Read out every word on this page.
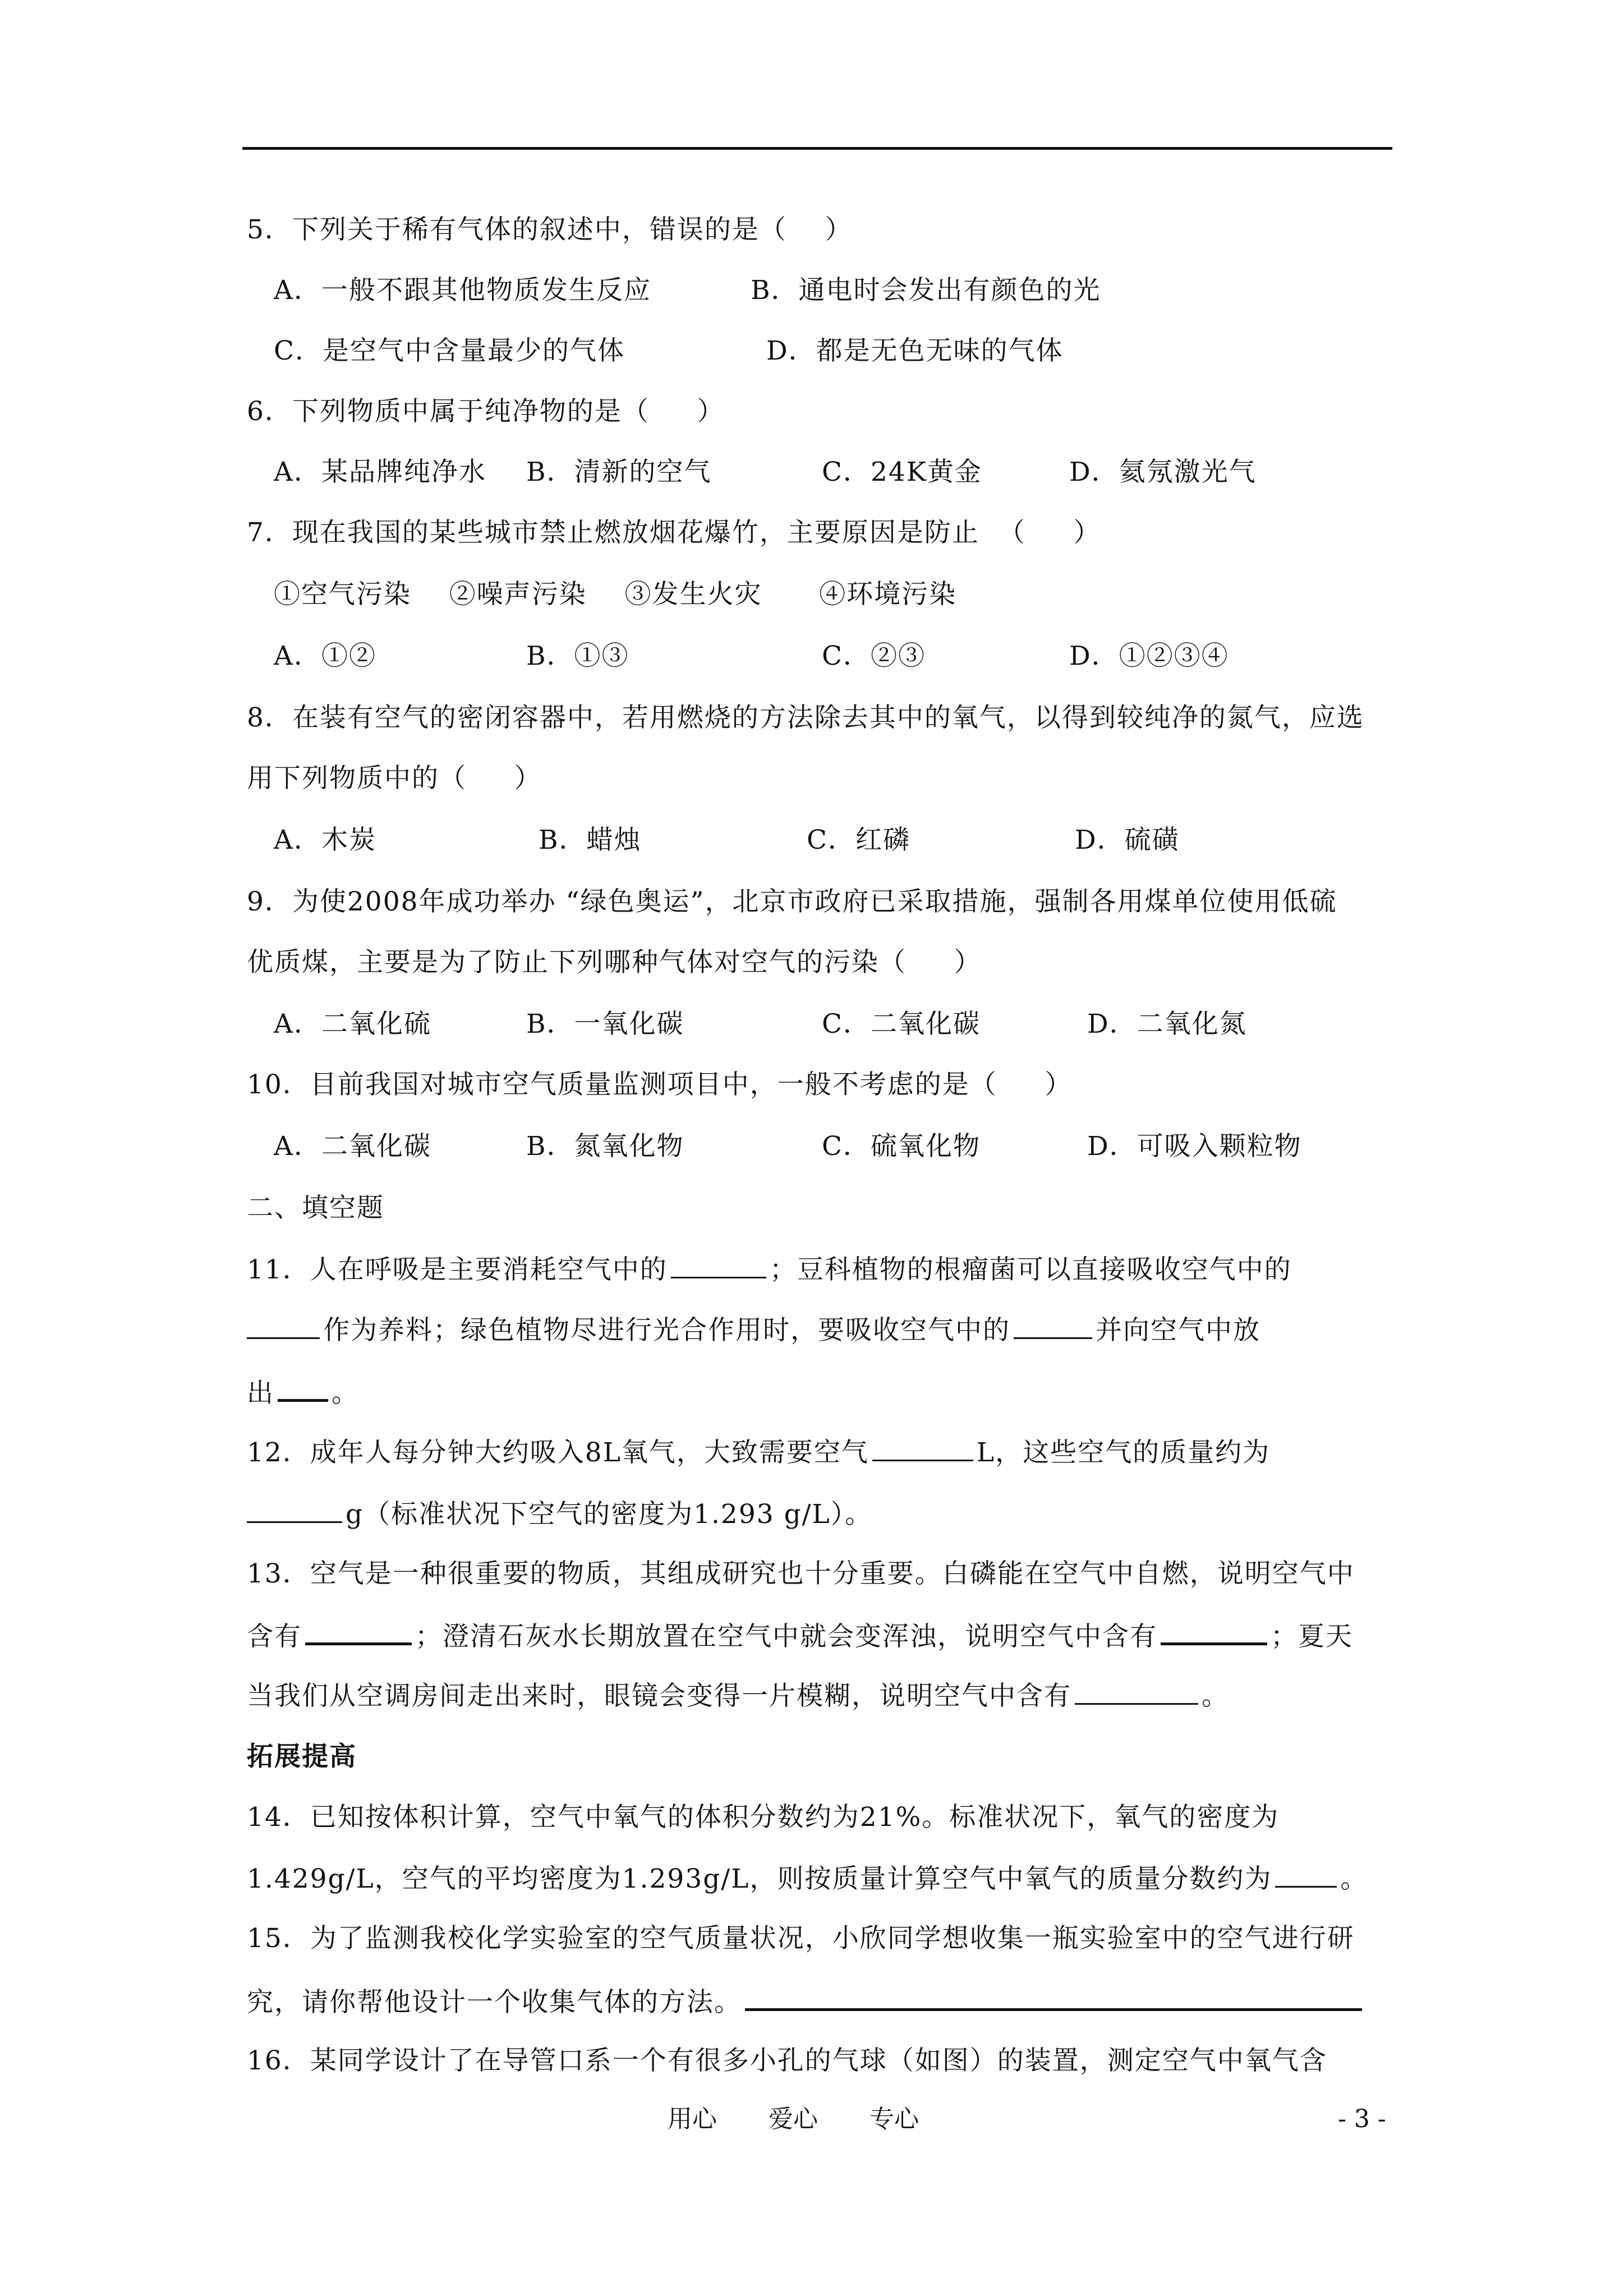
5．下列关于稀有气体的叙述中，错误的是（    ）

A．一般不跟其他物质发生反应

	B．通电时会发出有颜色的光

C．是空气中含量最少的气体

	D．都是无色无味的气体

6．下列物质中属于纯净物的是（     ）

A．某品牌纯净水

B．清新的空气

	C．24K黄金

	D．氦氖激光气

7．现在我国的某些城市禁止燃放烟花爆竹，主要原因是防止  （     ）
①空气污染    ②噪声污染    ③发生火灾      ④环境污染

A．①②

	B．①③

	C．②③

	D．①②③④

8．在装有空气的密闭容器中，若用燃烧的方法除去其中的氧气，以得到较纯净的氮气，应选
用下列物质中的（     ）

A．木炭

	B．蜡烛

	C．红磷

	D．硫磺

9．为使2008年成功举办 “绿色奥运”，北京市政府已采取措施，强制各用煤单位使用低硫
优质煤，主要是为了防止下列哪种气体对空气的污染（     ）

A．二氧化硫

	B．一氧化碳

	C．二氧化碳

	D．二氧化氮

10．目前我国对城市空气质量监测项目中，一般不考虑的是（     ）

A．二氧化碳

	B．氮氧化物

	C．硫氧化物

	D．可吸入颗粒物

二、填空题
11．人在呼吸是主要消耗空气中的	；豆科植物的根瘤菌可以直接吸收空气中的
作为养料；绿色植物尽进行光合作用时，要吸收空气中的	并向空气中放
出 。
12．成年人每分钟大约吸入8L氧气，大致需要空气	L，这些空气的质量约为
g（标准状况下空气的密度为1.293 g/L）。
13．空气是一种很重要的物质，其组成研究也十分重要。白磷能在空气中自燃，说明空气中
含有	；澄清石灰水长期放置在空气中就会变浑浊，说明空气中含有	；夏天
当我们从空调房间走出来时，眼镜会变得一片模糊，说明空气中含有	。
拓展提高
14．已知按体积计算，空气中氧气的体积分数约为21%。标准状况下，氧气的密度为
1.429g/L，空气的平均密度为1.293g/L，则按质量计算空气中氧气的质量分数约为	。
15．为了监测我校化学实验室的空气质量状况，小欣同学想收集一瓶实验室中的空气进行研
究，请你帮他设计一个收集气体的方法。
16．某同学设计了在导管口系一个有很多小孔的气球（如图）的装置，测定空气中氧气含
用心 爱心 专心	- 3 -
